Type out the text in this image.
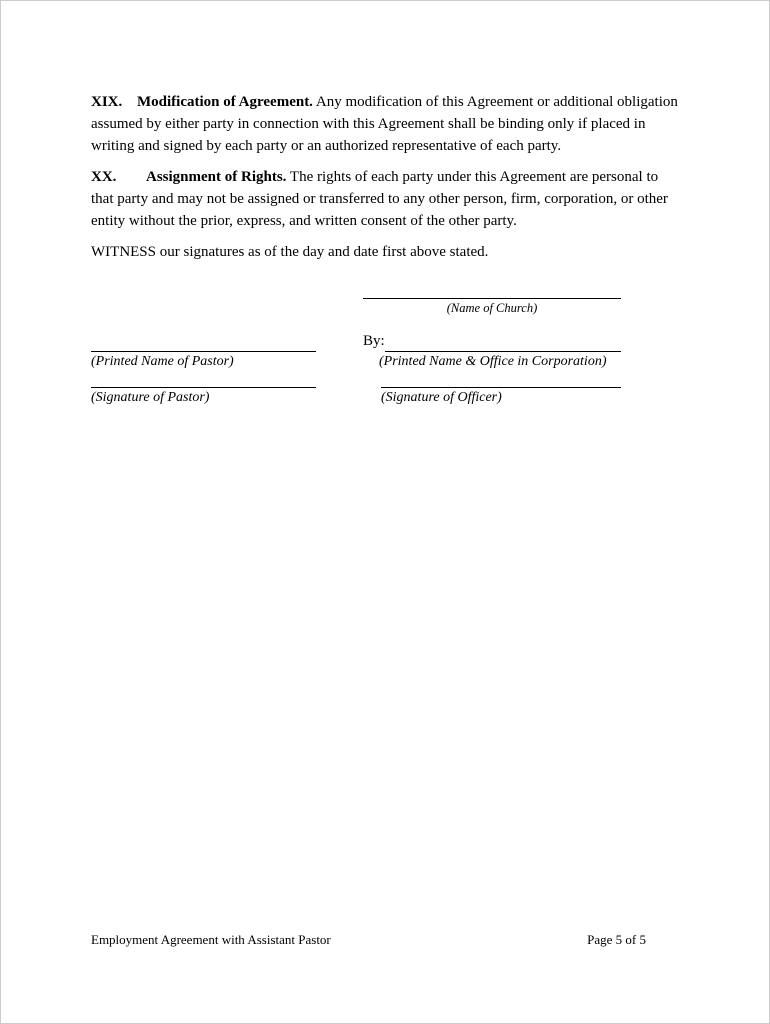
XIX. Modification of Agreement. Any modification of this Agreement or additional obligation assumed by either party in connection with this Agreement shall be binding only if placed in writing and signed by each party or an authorized representative of each party.

XX. Assignment of Rights. The rights of each party under this Agreement are personal to that party and may not be assigned or transferred to any other person, firm, corporation, or other entity without the prior, express, and written consent of the other party.

WITNESS our signatures as of the day and date first above stated.

(Name of Church)
By:
(Printed Name of Pastor)	(Printed Name & Office in Corporation)
(Signature of Pastor)	(Signature of Officer)
Employment Agreement with Assistant Pastor	Page 5 of 5
